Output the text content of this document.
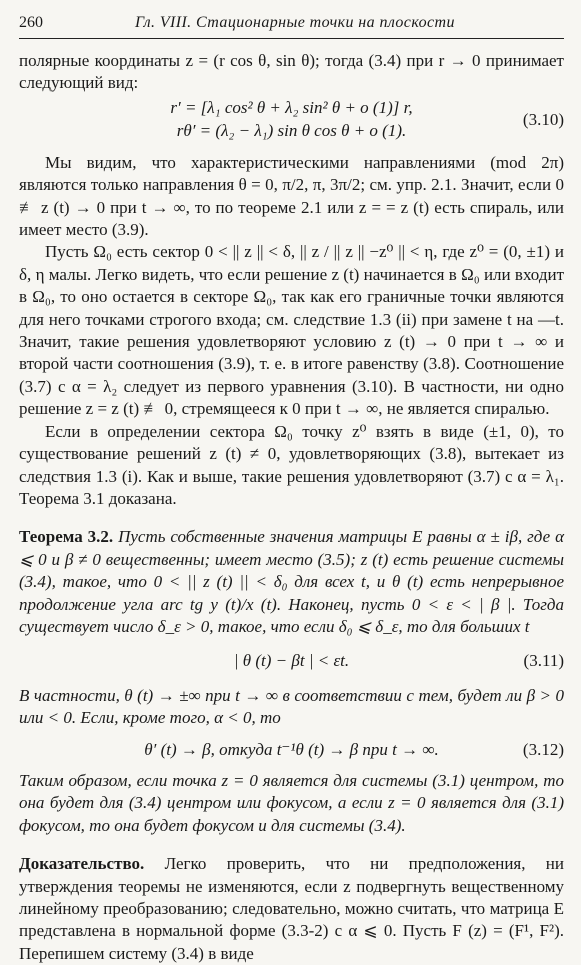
260	Гл. VIII. Стационарные точки на плоскости

полярные координаты z = (r cos θ, sin θ); тогда (3.4) при r → 0 принимает следующий вид:

r′ = [λ₁ cos² θ + λ₂ sin² θ + o (1)] r,
rθ′ = (λ₂ − λ₁) sin θ cos θ + o (1).
(3.10)

Мы видим, что характеристическими направлениями (mod 2π) являются только направления θ = 0, π/2, π, 3π/2; см. упр. 2.1. Значит, если 0 ≢ z (t) → 0 при t → ∞, то по теореме 2.1 или z = = z (t) есть спираль, или имеет место (3.9).

Пусть Ω₀ есть сектор 0 < || z || < δ, || z / || z || −z⁰ || < η, где z⁰ = (0, ±1) и δ, η малы. Легко видеть, что если решение z (t) начинается в Ω₀ или входит в Ω₀, то оно остается в секторе Ω₀, так как его граничные точки являются для него точками строгого входа; см. следствие 1.3 (ii) при замене t на —t. Значит, такие решения удовлетворяют условию z (t) → 0 при t → ∞ и второй части соотношения (3.9), т. е. в итоге равенству (3.8). Соотношение (3.7) с α = λ₂ следует из первого уравнения (3.10). В частности, ни одно решение z = z (t) ≢ 0, стремящееся к 0 при t → ∞, не является спиралью.

Если в определении сектора Ω₀ точку z⁰ взять в виде (±1, 0), то существование решений z (t) ≠ 0, удовлетворяющих (3.8), вытекает из следствия 1.3 (i). Как и выше, такие решения удовлетворяют (3.7) с α = λ₁. Теорема 3.1 доказана.

Теорема 3.2. Пусть собственные значения матрицы E равны α ± iβ, где α ⩽ 0 и β ≠ 0 вещественны; имеет место (3.5); z (t) есть решение системы (3.4), такое, что 0 < || z (t) || < δ₀ для всех t, и θ (t) есть непрерывное продолжение угла arc tg y (t)/x (t). Наконец, пусть 0 < ε < | β |. Тогда существует число δ_ε > 0, такое, что если δ₀ ⩽ δ_ε, то для больших t

| θ (t) − βt | < εt.	(3.11)

В частности, θ (t) → ±∞ при t → ∞ в соответствии с тем, будет ли β > 0 или < 0. Если, кроме того, α < 0, то

θ′ (t) → β, откуда t⁻¹θ (t) → β при t → ∞.	(3.12)

Таким образом, если точка z = 0 является для системы (3.1) центром, то она будет для (3.4) центром или фокусом, а если z = 0 является для (3.1) фокусом, то она будет фокусом и для системы (3.4).

Доказательство. Легко проверить, что ни предположения, ни утверждения теоремы не изменяются, если z подвергнуть вещественному линейному преобразованию; следовательно, можно считать, что матрица E представлена в нормальной форме (3.3-2) с α ⩽ 0. Пусть F (z) = (F¹, F²). Перепишем систему (3.4) в виде
